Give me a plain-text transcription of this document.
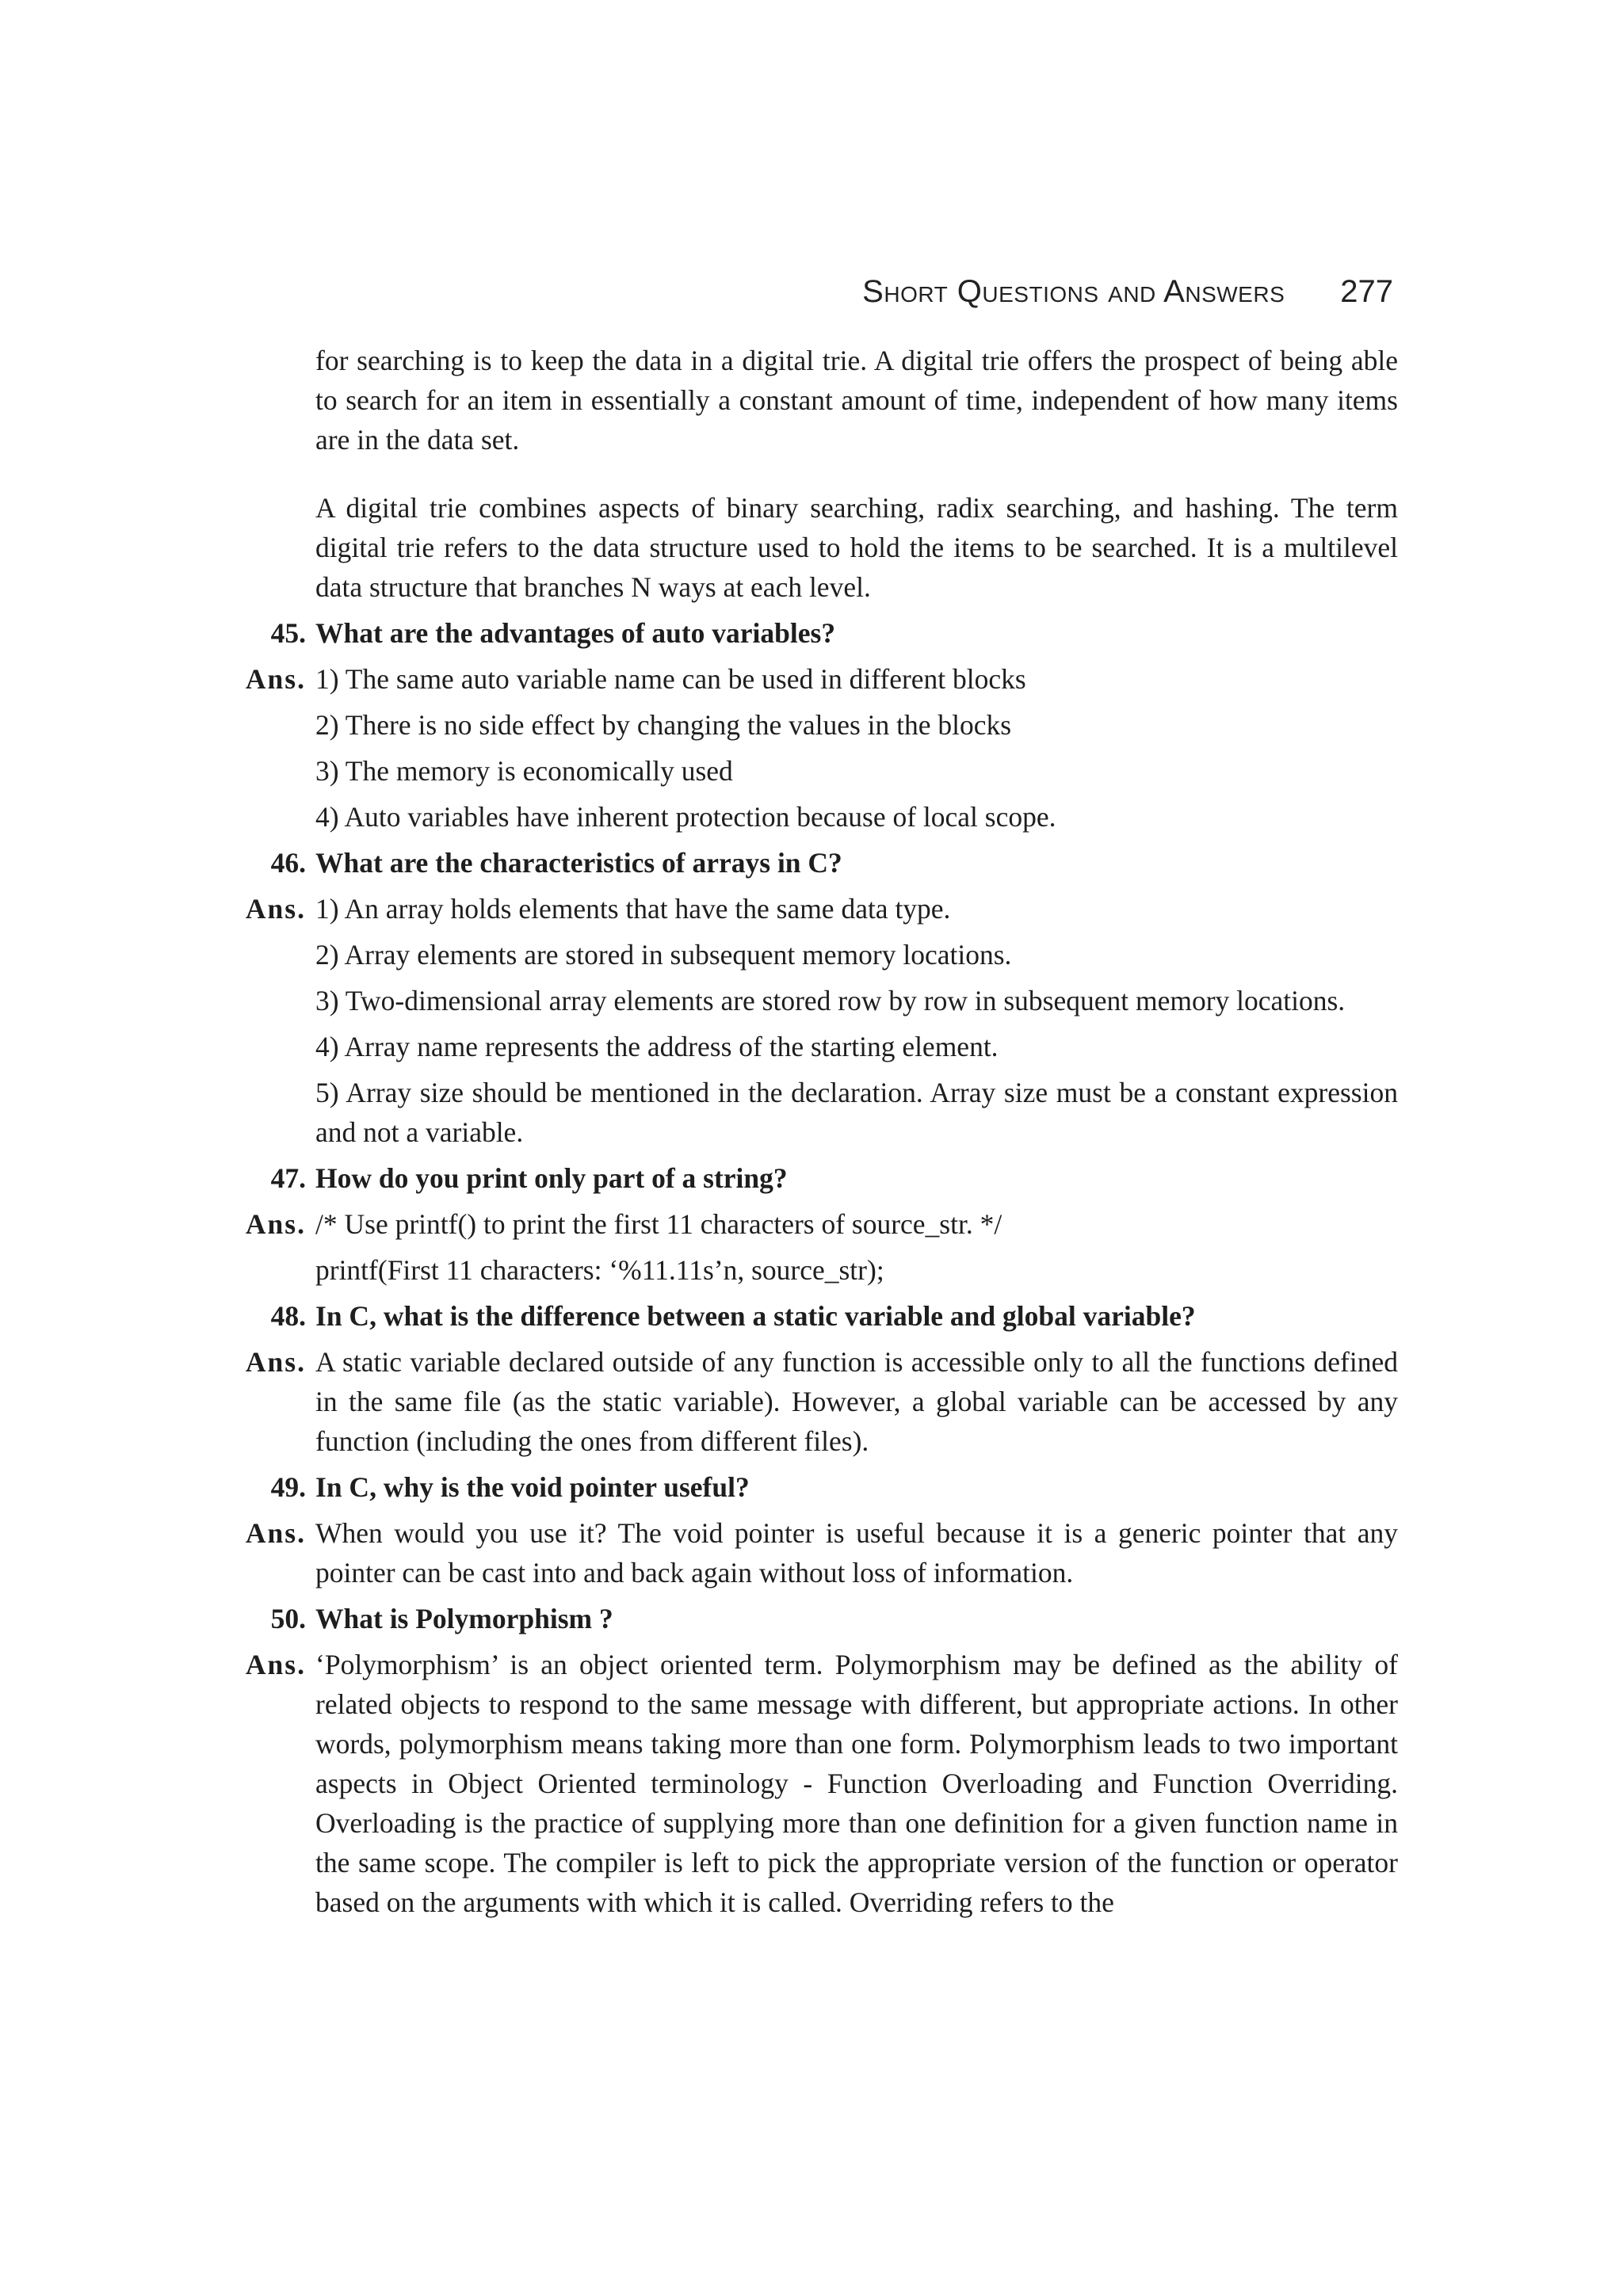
Short Questions and Answers 277

for searching is to keep the data in a digital trie. A digital trie offers the prospect of being able to search for an item in essentially a constant amount of time, independent of how many items are in the data set.

A digital trie combines aspects of binary searching, radix searching, and hashing. The term digital trie refers to the data structure used to hold the items to be searched. It is a multilevel data structure that branches N ways at each level.

45. What are the advantages of auto variables?
Ans. 1) The same auto variable name can be used in different blocks
2) There is no side effect by changing the values in the blocks
3) The memory is economically used
4) Auto variables have inherent protection because of local scope.
46. What are the characteristics of arrays in C?
Ans. 1) An array holds elements that have the same data type.
2) Array elements are stored in subsequent memory locations.
3) Two-dimensional array elements are stored row by row in subsequent memory locations.
4) Array name represents the address of the starting element.
5) Array size should be mentioned in the declaration. Array size must be a constant expression and not a variable.
47. How do you print only part of a string?
Ans. /* Use printf() to print the first 11 characters of source_str. */
printf(First 11 characters: ‘%11.11s’n, source_str);
48. In C, what is the difference between a static variable and global variable?
Ans. A static variable declared outside of any function is accessible only to all the functions defined in the same file (as the static variable). However, a global variable can be accessed by any function (including the ones from different files).
49. In C, why is the void pointer useful?
Ans. When would you use it? The void pointer is useful because it is a generic pointer that any pointer can be cast into and back again without loss of information.
50. What is Polymorphism ?
Ans. ‘Polymorphism’ is an object oriented term. Polymorphism may be defined as the ability of related objects to respond to the same message with different, but appropriate actions. In other words, polymorphism means taking more than one form. Polymorphism leads to two important aspects in Object Oriented terminology - Function Overloading and Function Overriding. Overloading is the practice of supplying more than one definition for a given function name in the same scope. The compiler is left to pick the appropriate version of the function or operator based on the arguments with which it is called. Overriding refers to the
